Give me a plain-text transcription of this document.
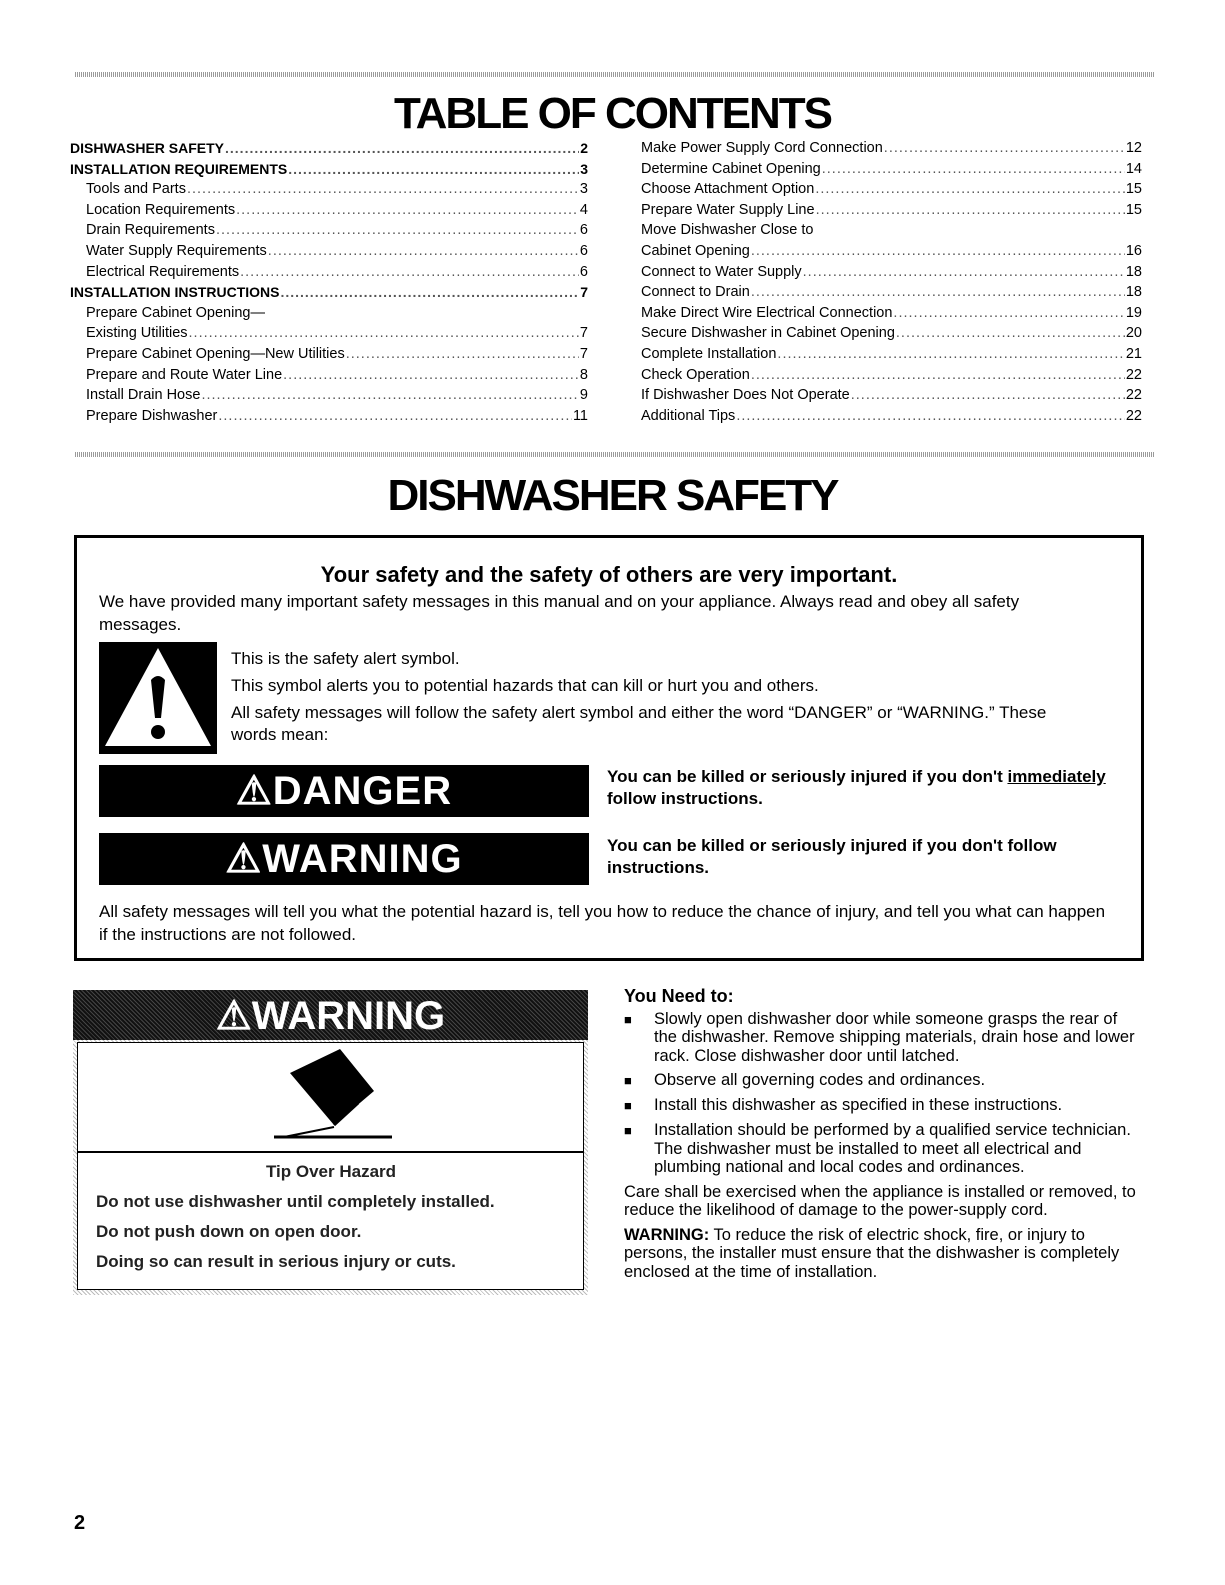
TABLE OF CONTENTS
DISHWASHER SAFETY .....	2
INSTALLATION REQUIREMENTS .....	3
Tools and Parts .....	3
Location Requirements .....	4
Drain Requirements .....	6
Water Supply Requirements .....	6
Electrical Requirements .....	6
INSTALLATION INSTRUCTIONS .....	7
Prepare Cabinet Opening—
Existing Utilities .....	7
Prepare Cabinet Opening—New Utilities .....	7
Prepare and Route Water Line .....	8
Install Drain Hose .....	9
Prepare Dishwasher .....	11
Make Power Supply Cord Connection .....	12
Determine Cabinet Opening .....	14
Choose Attachment Option .....	15
Prepare Water Supply Line .....	15
Move Dishwasher Close to
Cabinet Opening .....	16
Connect to Water Supply .....	18
Connect to Drain .....	18
Make Direct Wire Electrical Connection .....	19
Secure Dishwasher in Cabinet Opening .....	20
Complete Installation .....	21
Check Operation .....	22
If Dishwasher Does Not Operate .....	22
Additional Tips .....	22
DISHWASHER SAFETY
Your safety and the safety of others are very important.
We have provided many important safety messages in this manual and on your appliance. Always read and obey all safety messages.
This is the safety alert symbol.
This symbol alerts you to potential hazards that can kill or hurt you and others.
All safety messages will follow the safety alert symbol and either the word “DANGER” or “WARNING.” These words mean:
⚠DANGER	You can be killed or seriously injured if you don't immediately follow instructions.
⚠WARNING	You can be killed or seriously injured if you don't follow instructions.
All safety messages will tell you what the potential hazard is, tell you how to reduce the chance of injury, and tell you what can happen if the instructions are not followed.
⚠WARNING
Tip Over Hazard
Do not use dishwasher until completely installed.
Do not push down on open door.
Doing so can result in serious injury or cuts.
You Need to:
■	Slowly open dishwasher door while someone grasps the rear of the dishwasher. Remove shipping materials, drain hose and lower rack. Close dishwasher door until latched.
■	Observe all governing codes and ordinances.
■	Install this dishwasher as specified in these instructions.
■	Installation should be performed by a qualified service technician. The dishwasher must be installed to meet all electrical and plumbing national and local codes and ordinances.
Care shall be exercised when the appliance is installed or removed, to reduce the likelihood of damage to the power-supply cord.
WARNING: To reduce the risk of electric shock, fire, or injury to persons, the installer must ensure that the dishwasher is completely enclosed at the time of installation.
2
